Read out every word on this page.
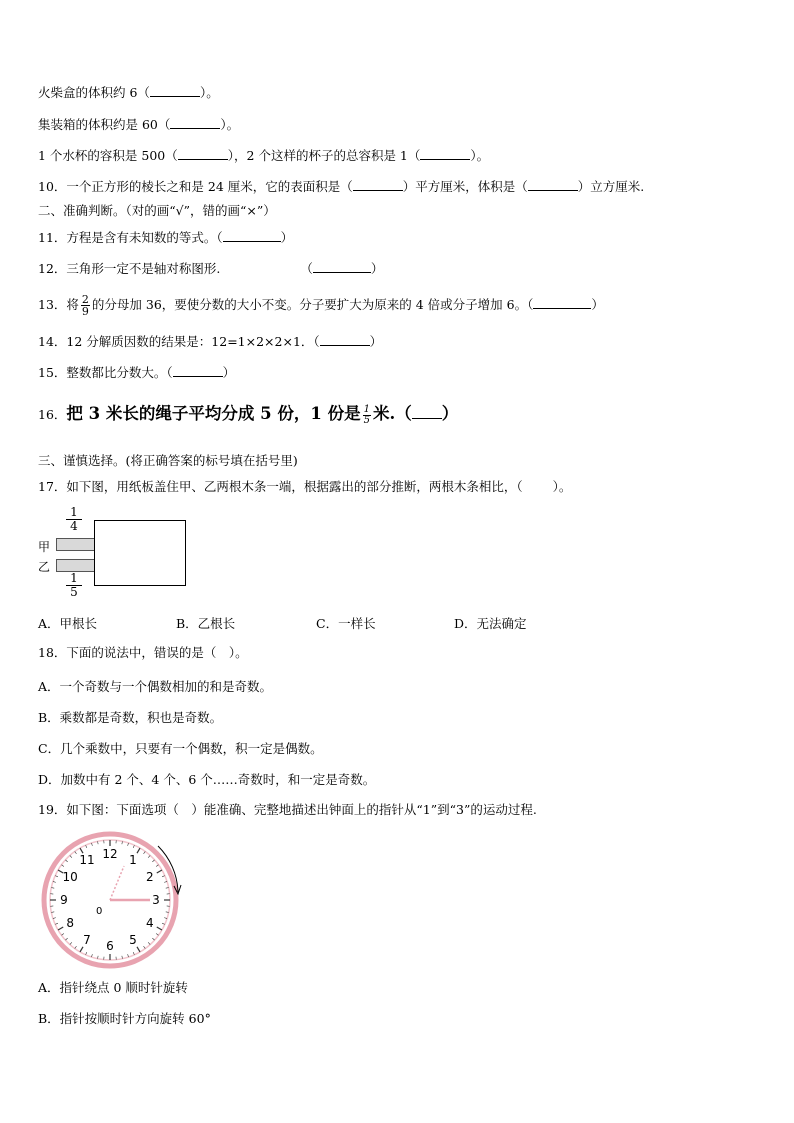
火柴盒的体积约 6（	）。
集装箱的体积约是 60（	）。
1 个水杯的容积是 500（	），2 个这样的杯子的总容积是 1（	）。
10．一个正方形的棱长之和是 24 厘米，它的表面积是（	）平方厘米，体积是（	）立方厘米.
二、准确判断。（对的画“√”，错的画“×”）
11．方程是含有未知数的等式。（	）
12．三角形一定不是轴对称图形.	（	）
13．将 $\frac{2}{9}$ 的分母加 36，要使分数的大小不变。分子要扩大为原来的 4 倍或分子增加 6。（	）
14．12 分解质因数的结果是：12=1×2×2×1．（	）
15．整数都比分数大。（	）
16．把 3 米长的绳子平均分成 5 份，1 份是 $\frac{1}{5}$ 米.（ ）
三、谨慎选择。(将正确答案的标号填在括号里)
17．如下图，用纸板盖住甲、乙两根木条一端，根据露出的部分推断，两根木条相比，（ ）。
$\frac{1}{4}$
甲
乙
$\frac{1}{5}$
A．甲根长	B．乙根长	C．一样长	D．无法确定
18．下面的说法中，错误的是（　）。
A．一个奇数与一个偶数相加的和是奇数。
B．乘数都是奇数，积也是奇数。
C．几个乘数中，只要有一个偶数，积一定是偶数。
D．加数中有 2 个、4 个、6 个……奇数时，和一定是奇数。
19．如下图：下面选项（　）能准确、完整地描述出钟面上的指针从“1”到“3”的运动过程.
12 1
2
3
4
5
6
7
8
9
10
11
0
A．指针绕点 0 顺时针旋转
B．指针按顺时针方向旋转 60°
